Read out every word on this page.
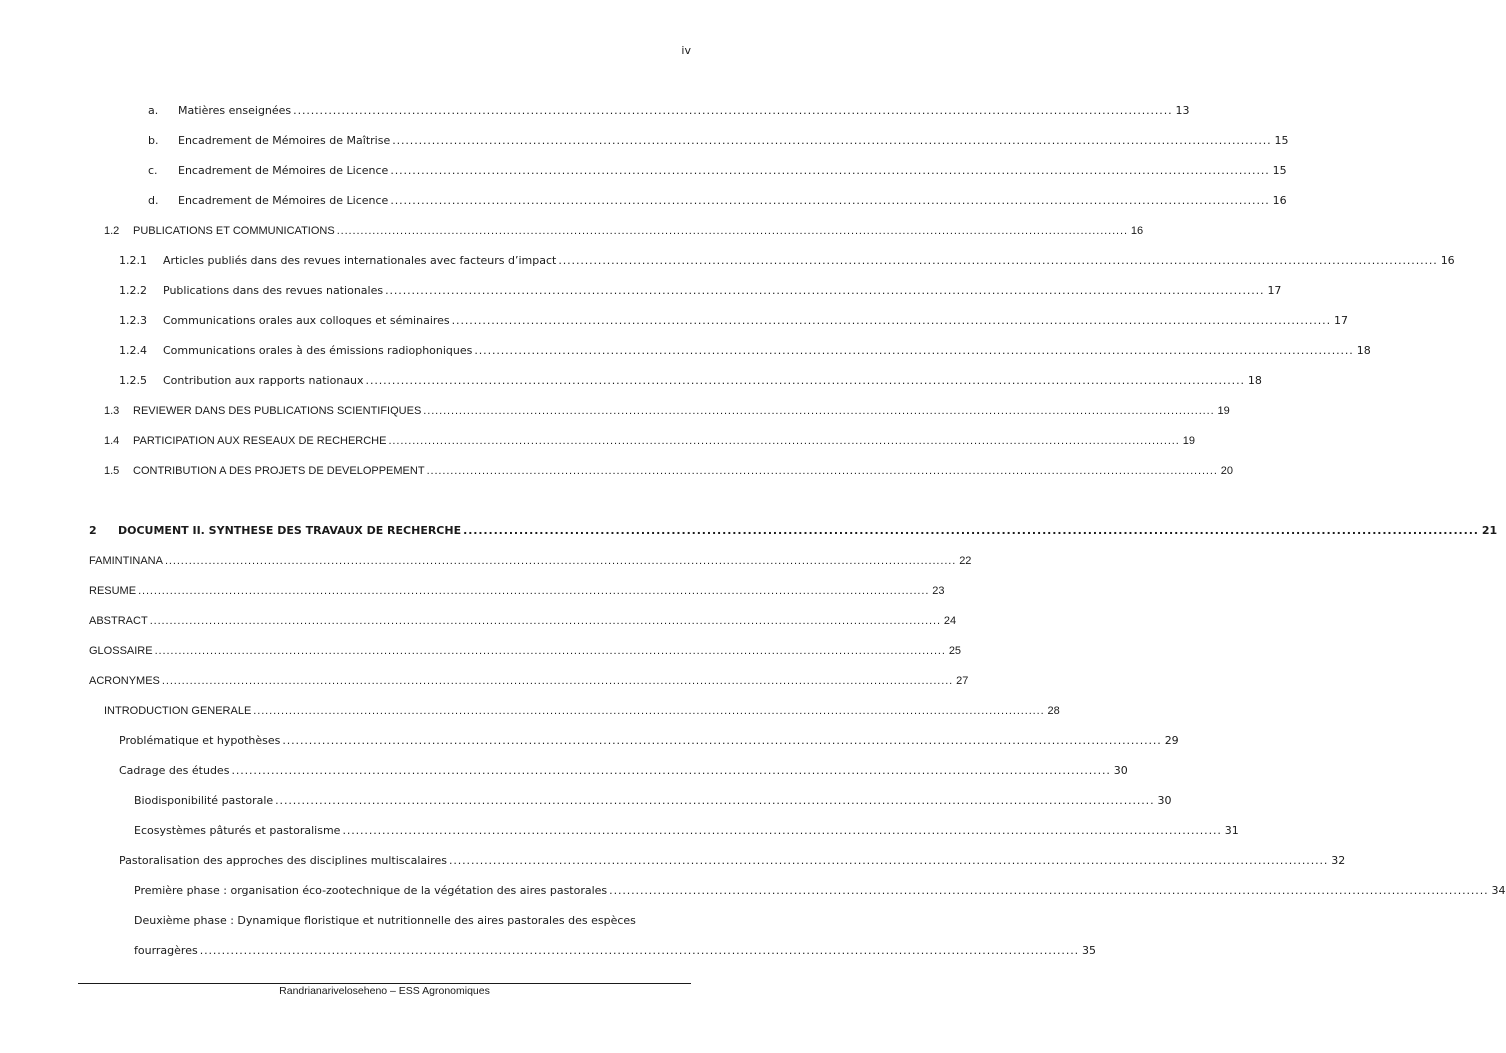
iv
a.	Matières enseignées ........................................................................................................................................................................................................ 13
b.	Encadrement de Mémoires de Maîtrise ........................................................................................................................................................................................................ 15
c.	Encadrement de Mémoires de Licence ........................................................................................................................................................................................................ 15
d.	Encadrement de Mémoires de Licence ........................................................................................................................................................................................................ 16
1.2	PUBLICATIONS ET COMMUNICATIONS ........................................................................................................................................................................................................ 16
1.2.1	Articles publiés dans des revues internationales avec facteurs d’impact ........................................................................................................................................................................................................ 16
1.2.2	Publications dans des revues nationales ........................................................................................................................................................................................................ 17
1.2.3	Communications orales aux colloques et séminaires ........................................................................................................................................................................................................ 17
1.2.4	Communications orales à des émissions radiophoniques ........................................................................................................................................................................................................ 18
1.2.5	Contribution aux rapports nationaux ........................................................................................................................................................................................................ 18
1.3	REVIEWER DANS DES PUBLICATIONS SCIENTIFIQUES ........................................................................................................................................................................................................ 19
1.4	PARTICIPATION AUX RESEAUX DE RECHERCHE ........................................................................................................................................................................................................ 19
1.5	CONTRIBUTION A DES PROJETS DE DEVELOPPEMENT ........................................................................................................................................................................................................ 20
2	DOCUMENT II. SYNTHESE DES TRAVAUX DE RECHERCHE ........................................................................................................................................................................................................ 21
FAMINTINANA ........................................................................................................................................................................................................ 22
RESUME ........................................................................................................................................................................................................ 23
ABSTRACT ........................................................................................................................................................................................................ 24
GLOSSAIRE ........................................................................................................................................................................................................ 25
ACRONYMES ........................................................................................................................................................................................................ 27
INTRODUCTION GENERALE ........................................................................................................................................................................................................ 28
Problématique et hypothèses ........................................................................................................................................................................................................ 29
Cadrage des études ........................................................................................................................................................................................................ 30
Biodisponibilité pastorale ........................................................................................................................................................................................................ 30
Ecosystèmes pâturés et pastoralisme ........................................................................................................................................................................................................ 31
Pastoralisation des approches des disciplines multiscalaires ........................................................................................................................................................................................................ 32
Première phase : organisation éco-zootechnique de la végétation des aires pastorales ........................................................................................................................................................................................................ 34
Deuxième phase : Dynamique floristique et nutritionnelle des aires pastorales des espèces
fourragères ........................................................................................................................................................................................................ 35
Randrianariveloseheno – ESS Agronomiques
